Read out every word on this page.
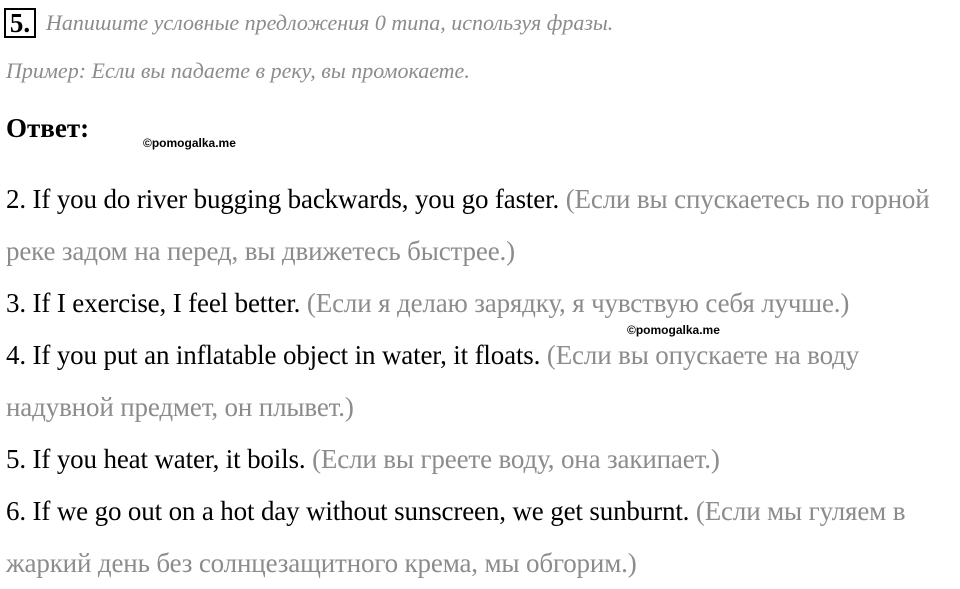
5. Напишите условные предложения 0 типа, используя фразы.
Пример: Если вы падаете в реку, вы промокаете.
Ответ:	©pomogalka.me
©pomogalka.me

2. If you do river bugging backwards, you go faster. (Если вы спускаетесь по горной реке задом на перед, вы движетесь быстрее.)

3. If I exercise, I feel better. (Если я делаю зарядку, я чувствую себя лучше.)

4. If you put an inflatable object in water, it floats. (Если вы опускаете на воду надувной предмет, он плывет.)

5. If you heat water, it boils. (Если вы греете воду, она закипает.)

6. If we go out on a hot day without sunscreen, we get sunburnt. (Если мы гуляем в жаркий день без солнцезащитного крема, мы обгорим.)
